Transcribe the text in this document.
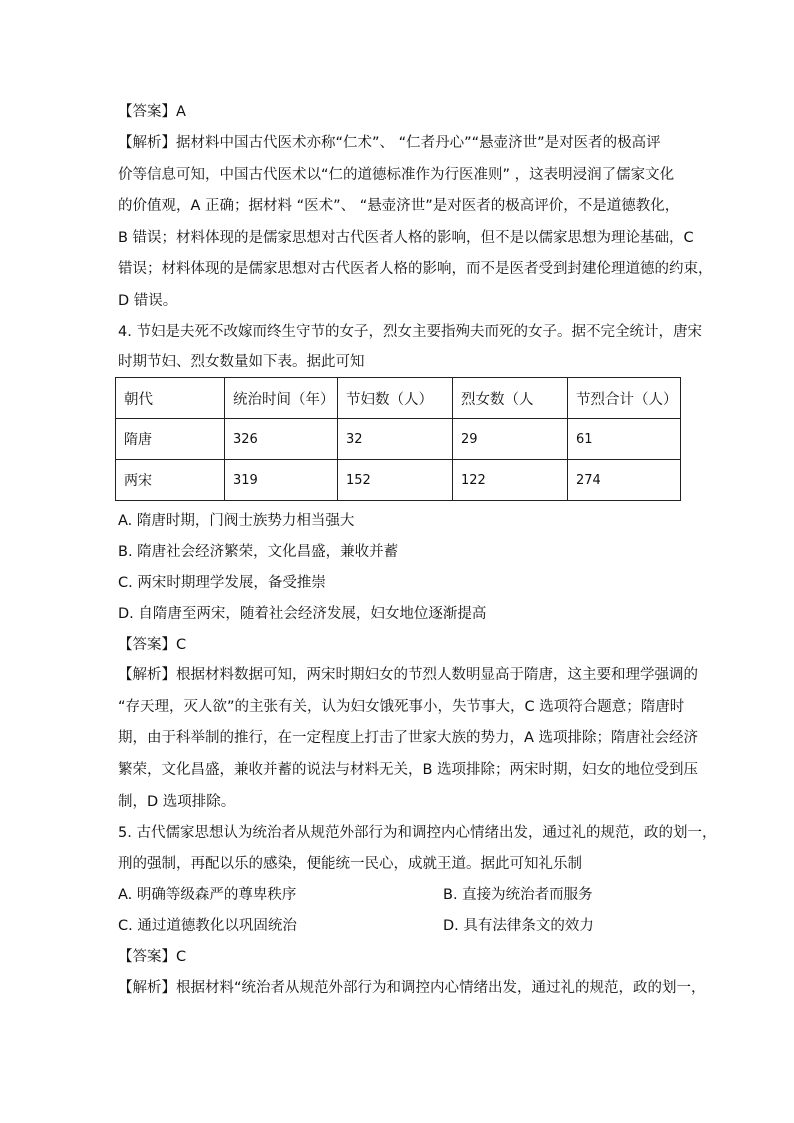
【答案】A
【解析】据材料中国古代医术亦称“仁术”、 “仁者丹心”“悬壶济世”是对医者的极高评
价等信息可知，中国古代医术以“仁的道德标准作为行医准则” ，这表明浸润了儒家文化
的价值观，A 正确；据材料 “医术”、 “悬壶济世”是对医者的极高评价，不是道德教化，
B 错误；材料体现的是儒家思想对古代医者人格的影响，但不是以儒家思想为理论基础，C
错误；材料体现的是儒家思想对古代医者人格的影响，而不是医者受到封建伦理道德的约束，
D 错误。
4. 节妇是夫死不改嫁而终生守节的女子，烈女主要指殉夫而死的女子。据不完全统计，唐宋
时期节妇、烈女数量如下表。据此可知
朝代	统治时间（年）	节妇数（人）	烈女数（人	节烈合计（人）
隋唐	326	32	29	61
两宋	319	152	122	274
A. 隋唐时期，门阀士族势力相当强大
B. 隋唐社会经济繁荣，文化昌盛，兼收并蓄
C. 两宋时期理学发展，备受推崇
D. 自隋唐至两宋，随着社会经济发展，妇女地位逐渐提高
【答案】C
【解析】根据材料数据可知，两宋时期妇女的节烈人数明显高于隋唐，这主要和理学强调的
“存天理，灭人欲”的主张有关，认为妇女饿死事小，失节事大，C 选项符合题意；隋唐时
期，由于科举制的推行，在一定程度上打击了世家大族的势力，A 选项排除；隋唐社会经济
繁荣，文化昌盛，兼收并蓄的说法与材料无关，B 选项排除；两宋时期，妇女的地位受到压
制，D 选项排除。
5. 古代儒家思想认为统治者从规范外部行为和调控内心情绪出发，通过礼的规范，政的划一，
刑的强制，再配以乐的感染，便能统一民心，成就王道。据此可知礼乐制
A. 明确等级森严的尊卑秩序	B. 直接为统治者而服务
C. 通过道德教化以巩固统治	D. 具有法律条文的效力
【答案】C
【解析】根据材料“统治者从规范外部行为和调控内心情绪出发，通过礼的规范，政的划一，
